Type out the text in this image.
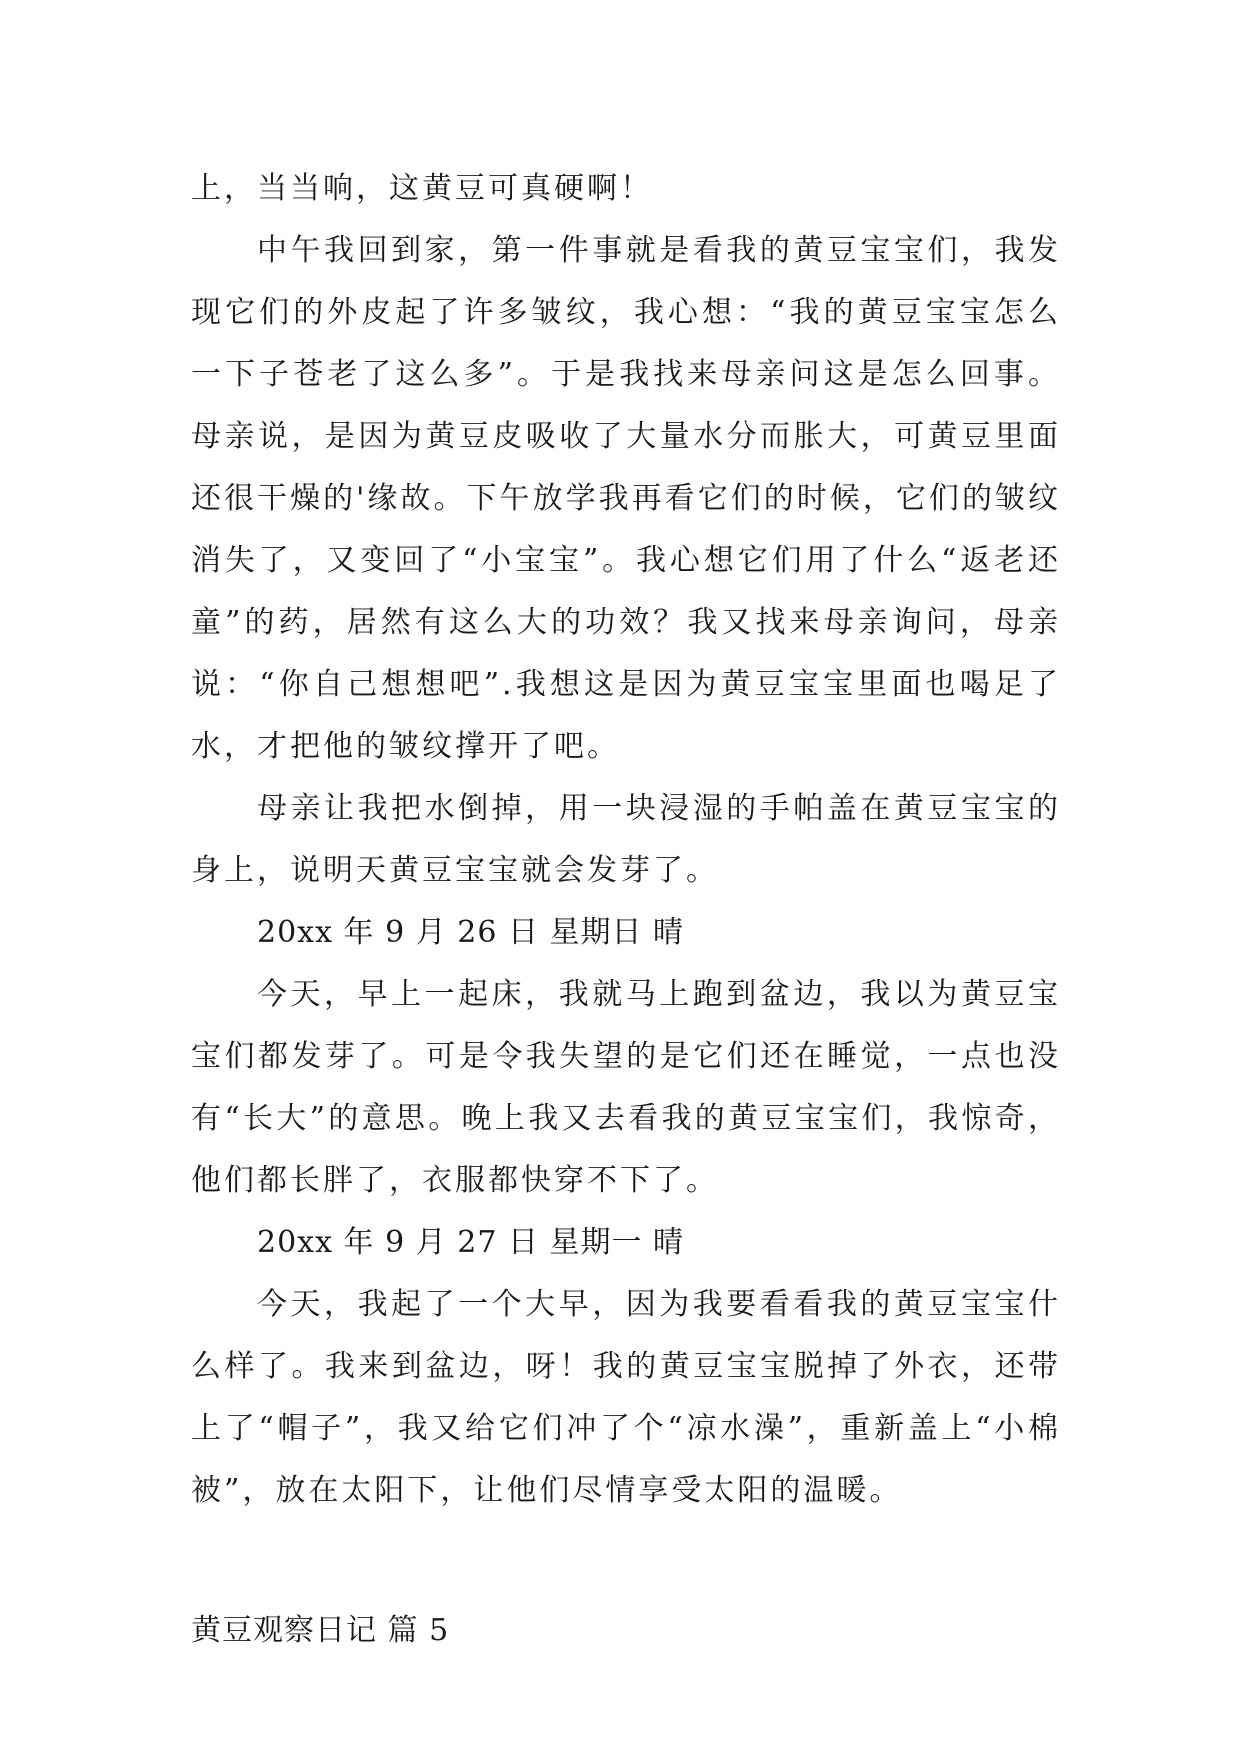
上，当当响，这黄豆可真硬啊！

中午我回到家，第一件事就是看我的黄豆宝宝们，我发现它们的外皮起了许多皱纹，我心想：“我的黄豆宝宝怎么一下子苍老了这么多”。于是我找来母亲问这是怎么回事。母亲说，是因为黄豆皮吸收了大量水分而胀大，可黄豆里面还很干燥的'缘故。下午放学我再看它们的时候，它们的皱纹消失了，又变回了“小宝宝”。我心想它们用了什么“返老还童”的药，居然有这么大的功效？我又找来母亲询问，母亲说：“你自己想想吧”.我想这是因为黄豆宝宝里面也喝足了水，才把他的皱纹撑开了吧。

母亲让我把水倒掉，用一块浸湿的手帕盖在黄豆宝宝的身上，说明天黄豆宝宝就会发芽了。

20xx 年 9 月 26 日 星期日 晴

今天，早上一起床，我就马上跑到盆边，我以为黄豆宝宝们都发芽了。可是令我失望的是它们还在睡觉，一点也没有“长大”的意思。晚上我又去看我的黄豆宝宝们，我惊奇，他们都长胖了，衣服都快穿不下了。

20xx 年 9 月 27 日 星期一 晴

今天，我起了一个大早，因为我要看看我的黄豆宝宝什么样了。我来到盆边，呀！我的黄豆宝宝脱掉了外衣，还带上了“帽子”，我又给它们冲了个“凉水澡”，重新盖上“小棉被”，放在太阳下，让他们尽情享受太阳的温暖。

黄豆观察日记 篇 5
